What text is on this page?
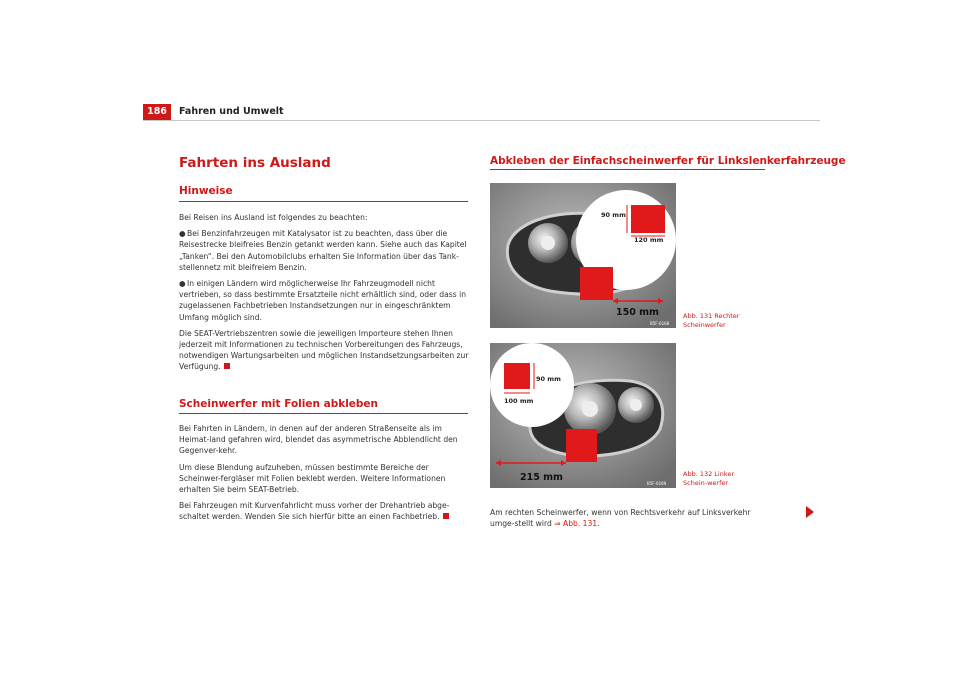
186	Fahren und Umwelt
Fahrten ins Ausland
Hinweise

Bei Reisen ins Ausland ist folgendes zu beachten:

●Bei Benzinfahrzeugen mit Katalysator ist zu beachten, dass über die Reisestrecke bleifreies Benzin getankt werden kann. Siehe auch das Kapitel „Tanken“. Bei den Automobilclubs erhalten Sie Information über das Tank-stellennetz mit bleifreiem Benzin.

●In einigen Ländern wird möglicherweise Ihr Fahrzeugmodell nicht vertrieben, so dass bestimmte Ersatzteile nicht erhältlich sind, oder dass in zugelassenen Fachbetrieben Instandsetzungen nur in eingeschränktem Umfang möglich sind.

Die SEAT-Vertriebszentren sowie die jeweiligen Importeure stehen Ihnen jederzeit mit Informationen zu technischen Vorbereitungen des Fahrzeugs, notwendigen Wartungsarbeiten und möglichen Instandsetzungsarbeiten zur Verfügung.

Scheinwerfer mit Folien abkleben

Bei Fahrten in Ländern, in denen auf der anderen Straßenseite als im Heimat-land gefahren wird, blendet das asymmetrische Abblendlicht den Gegenver-kehr.

Um diese Blendung aufzuheben, müssen bestimmte Bereiche der Scheinwer-fergläser mit Folien beklebt werden. Weitere Informationen erhalten Sie beim SEAT-Betrieb.

Bei Fahrzeugen mit Kurvenfahrlicht muss vorher der Drehantrieb abge-schaltet werden. Wenden Sie sich hierfür bitte an einen Fachbetrieb.

Abkleben der Einfachscheinwerfer für Linkslenkerfahrzeuge
90 mm
120 mm
150 mm
B5F-0168
Abb. 131 Rechter Scheinwerfer
90 mm
100 mm
215 mm
B5F-0169
Abb. 132 Linker Schein-werfer
Am rechten Scheinwerfer, wenn von Rechtsverkehr auf Linksverkehr umge-stellt wird ⇒ Abb. 131.
